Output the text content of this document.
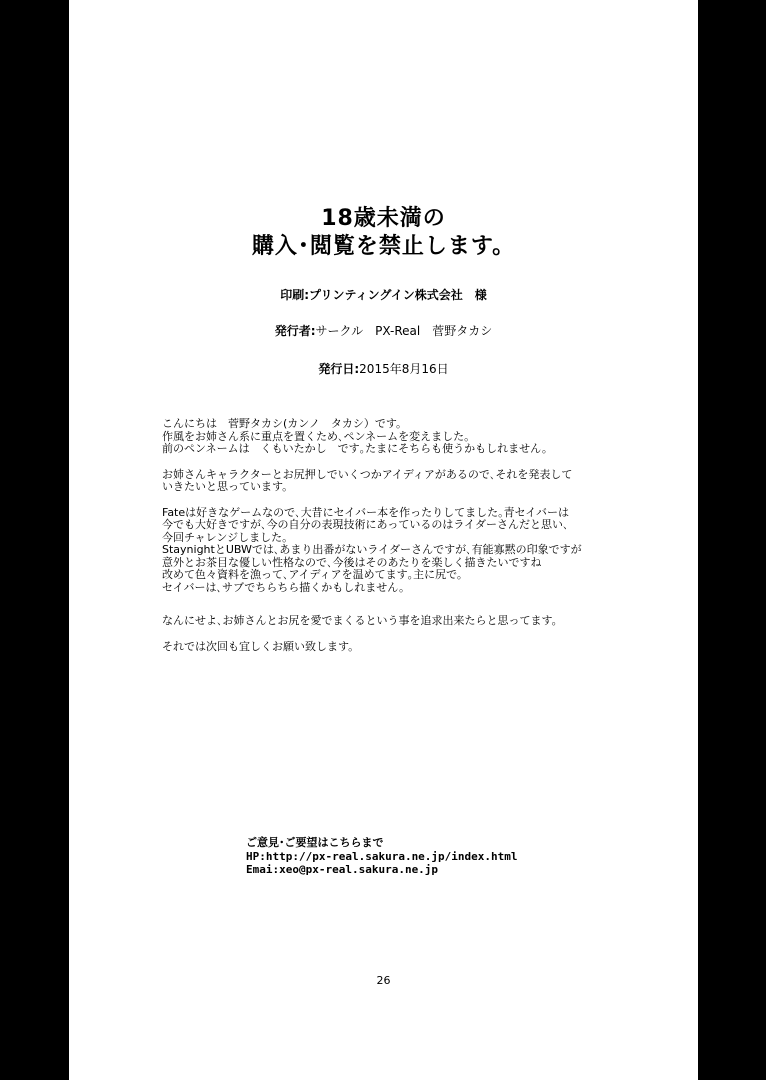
18歳未満の
購入･閲覧を禁止します。
印刷:プリンティングイン株式会社　様
発行者:サークル　PX-Real　菅野タカシ
発行日:2015年8月16日

こんにちは　菅野タカシ(カンノ　タカシ）です。
作風をお姉さん系に重点を置くため､ペンネームを変えました。
前のペンネームは　くもいたかし　です｡たまにそちらも使うかもしれません。

お姉さんキャラクターとお尻押しでいくつかアイディアがあるので､それを発表して
いきたいと思っています。

Fateは好きなゲームなので､大昔にセイバー本を作ったりしてました｡青セイバーは
今でも大好きですが､今の自分の表現技術にあっているのはライダーさんだと思い､
今回チャレンジしました。
StaynightとUBWでは､あまり出番がないライダーさんですが､有能寡黙の印象ですが
意外とお茶目な優しい性格なので､今後はそのあたりを楽しく描きたいですね
改めて色々資料を漁って､アイディアを温めてます｡主に尻で。
セイバーは､サブでちらちら描くかもしれません。

なんにせよ､お姉さんとお尻を愛でまくるという事を追求出来たらと思ってます。

それでは次回も宜しくお願い致します。

ご意見･ご要望はこちらまで
HP:http://px-real.sakura.ne.jp/index.html
Emai:xeo@px-real.sakura.ne.jp
26
